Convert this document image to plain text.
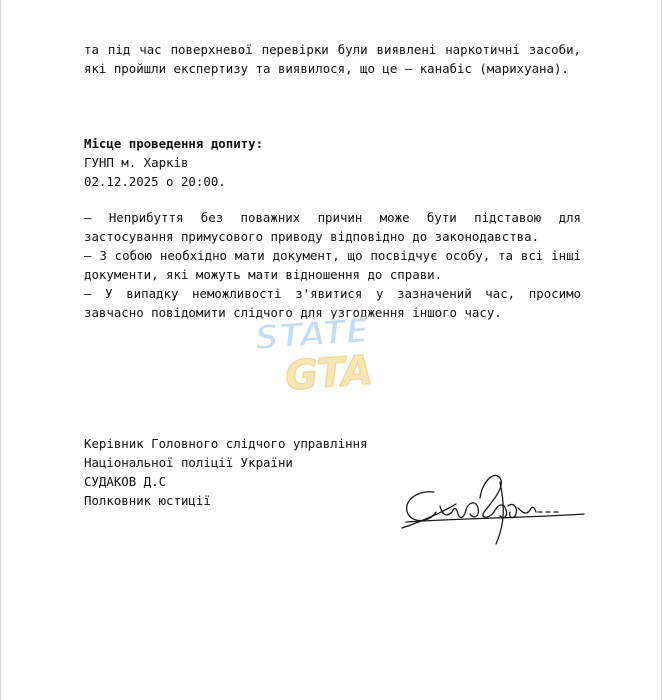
та під час поверхневої перевірки були виявлені наркотичні засоби, які пройшли експертизу та виявилося, що це – канабіс (марихуана).

Місце проведення допиту:
ГУНП м. Харків
02.12.2025 о 20:00.

– Неприбуття без поважних причин може бути підставою для застосування примусового приводу відповідно до законодавства.

– З собою необхідно мати документ, що посвідчує особу, та всі інші документи, які можуть мати відношення до справи.

– У випадку неможливості з'явитися у зазначений час, просимо завчасно повідомити слідчого для узгодження іншого часу.

Керівник Головного слідчого управління
Національної поліції України
СУДАКОВ Д.С
Полковник юстиції
STATE
GTA
